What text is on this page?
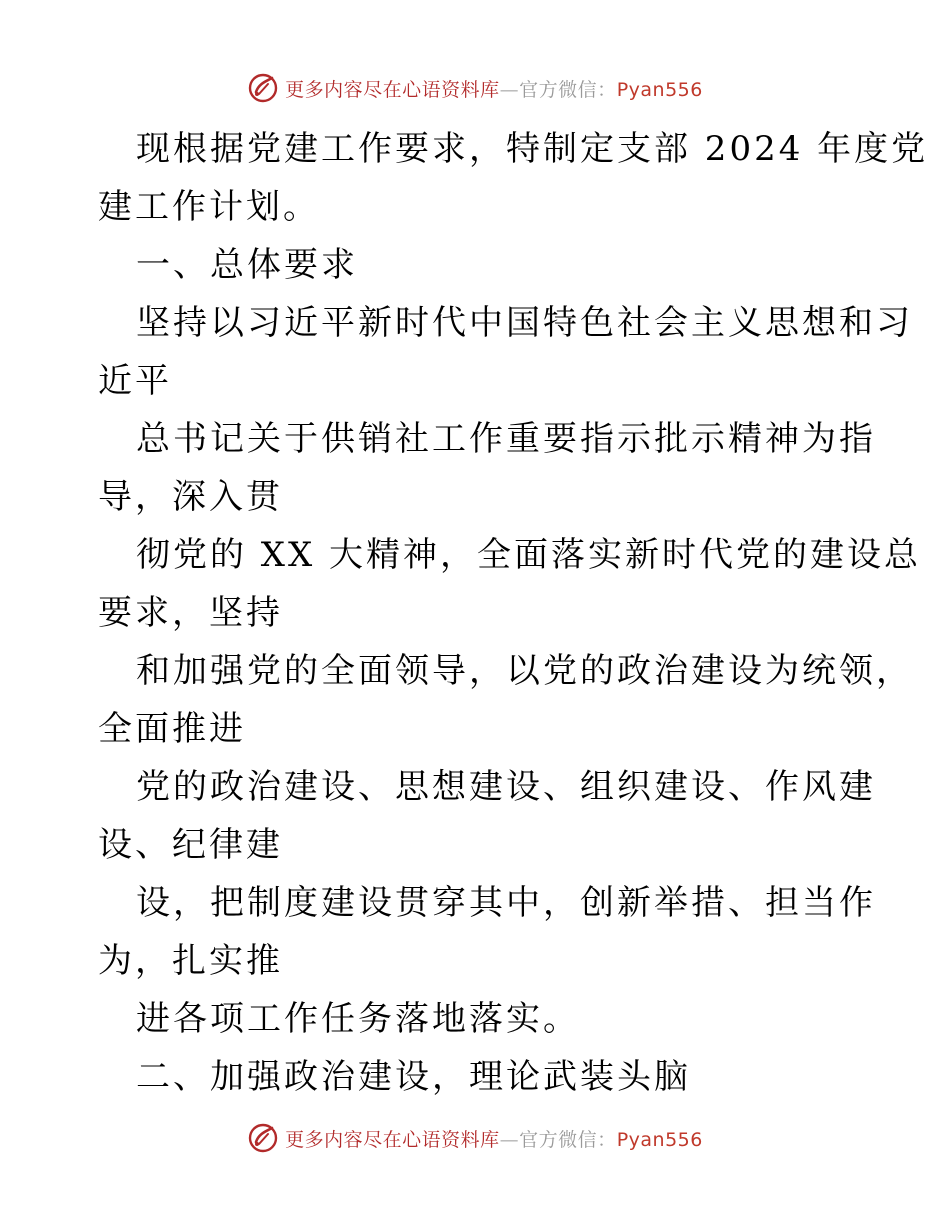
更多内容尽在心语资料库—官方微信：Pyan556
现根据党建工作要求，特制定支部 2024 年度党
建工作计划。
一、总体要求
坚持以习近平新时代中国特色社会主义思想和习
近平
总书记关于供销社工作重要指示批示精神为指
导，深入贯
彻党的 XX 大精神，全面落实新时代党的建设总
要求，坚持
和加强党的全面领导，以党的政治建设为统领，
全面推进
党的政治建设、思想建设、组织建设、作风建
设、纪律建
设，把制度建设贯穿其中，创新举措、担当作
为，扎实推
进各项工作任务落地落实。
二、加强政治建设，理论武装头脑
更多内容尽在心语资料库—官方微信：Pyan556
